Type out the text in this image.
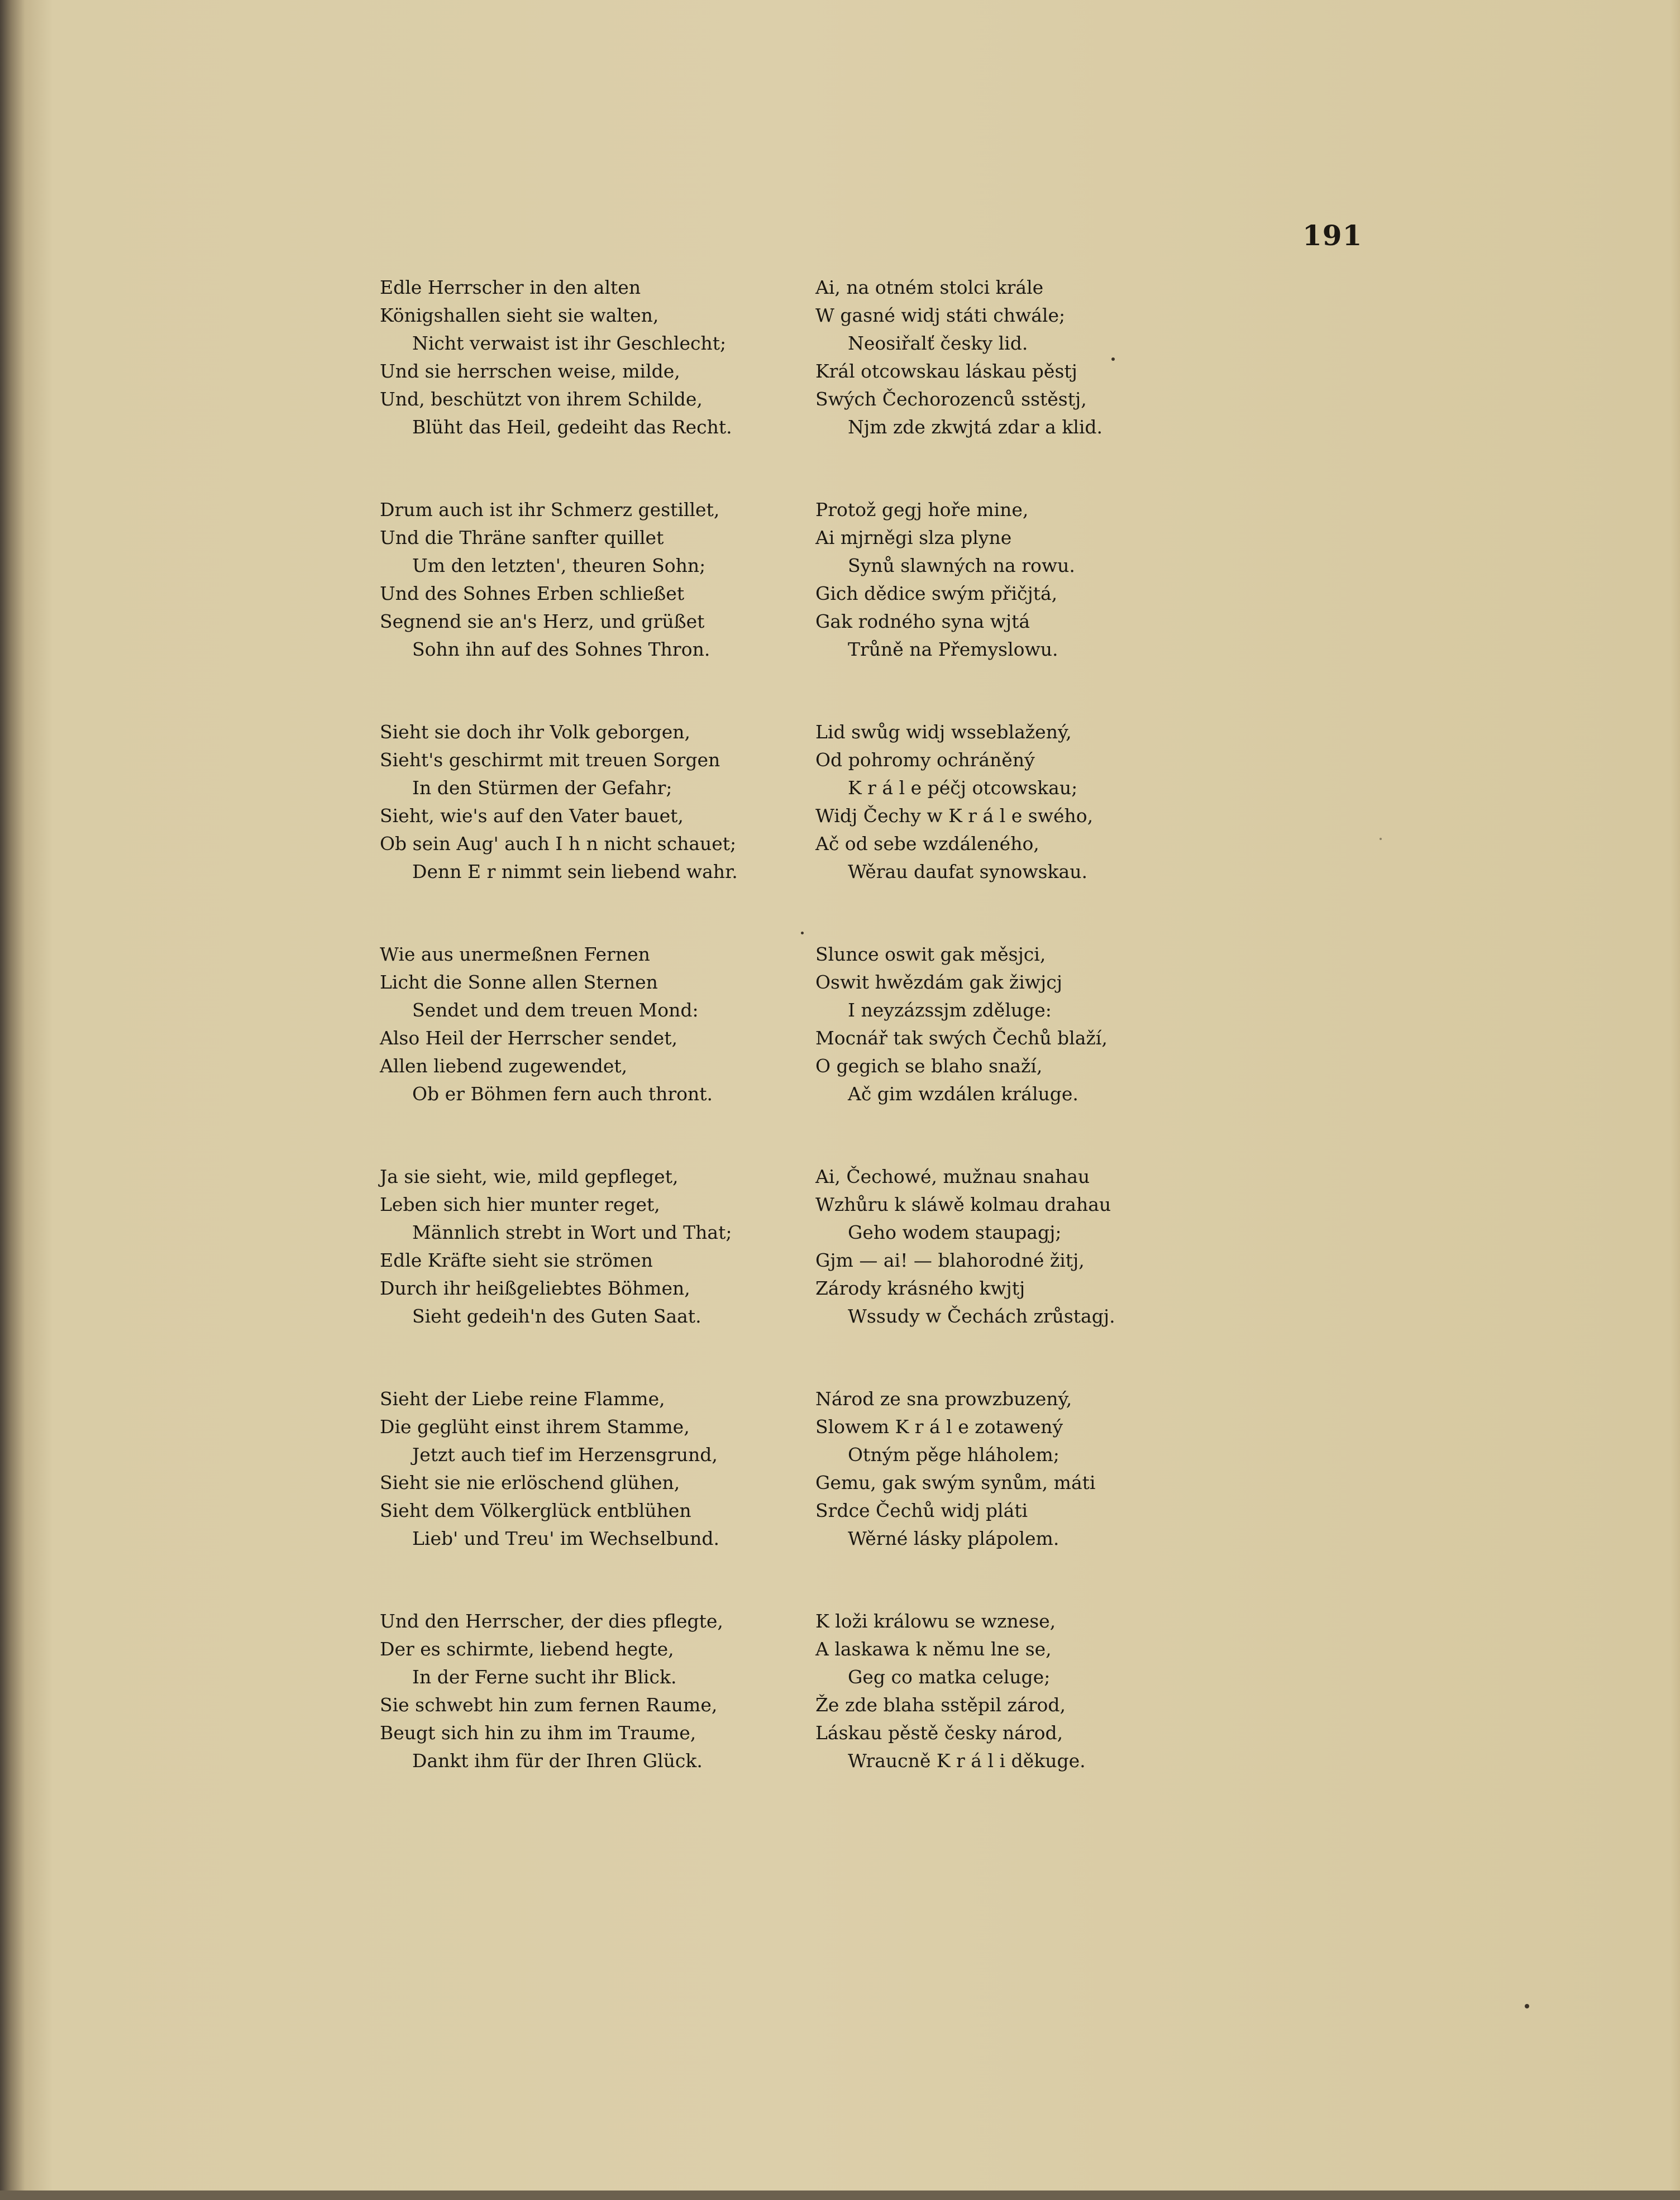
191
Edle Herrscher in den alten
Königshallen sieht sie walten,
Nicht verwaist ist ihr Geschlecht;
Und sie herrschen weise, milde,
Und, beschützt von ihrem Schilde,
Blüht das Heil, gedeiht das Recht.
Drum auch ist ihr Schmerz gestillet,
Und die Thräne sanfter quillet
Um den letzten', theuren Sohn;
Und des Sohnes Erben schließet
Segnend sie an's Herz, und grüßet
Sohn ihn auf des Sohnes Thron.
Sieht sie doch ihr Volk geborgen,
Sieht's geschirmt mit treuen Sorgen
In den Stürmen der Gefahr;
Sieht, wie's auf den Vater bauet,
Ob sein Aug' auch I h n nicht schauet;
Denn E r nimmt sein liebend wahr.
Wie aus unermeßnen Fernen
Licht die Sonne allen Sternen
Sendet und dem treuen Mond:
Also Heil der Herrscher sendet,
Allen liebend zugewendet,
Ob er Böhmen fern auch thront.
Ja sie sieht, wie, mild gepfleget,
Leben sich hier munter reget,
Männlich strebt in Wort und That;
Edle Kräfte sieht sie strömen
Durch ihr heißgeliebtes Böhmen,
Sieht gedeih'n des Guten Saat.
Sieht der Liebe reine Flamme,
Die geglüht einst ihrem Stamme,
Jetzt auch tief im Herzensgrund,
Sieht sie nie erlöschend glühen,
Sieht dem Völkerglück entblühen
Lieb' und Treu' im Wechselbund.
Und den Herrscher, der dies pflegte,
Der es schirmte, liebend hegte,
In der Ferne sucht ihr Blick.
Sie schwebt hin zum fernen Raume,
Beugt sich hin zu ihm im Traume,
Dankt ihm für der Ihren Glück.
Ai, na otném stolci krále
W gasné widj státi chwále;
Neosiřalť česky lid.
Král otcowskau láskau pěstj
Swých Čechorozenců sstěstj,
Njm zde zkwjtá zdar a klid.
Protož gegj hoře mine,
Ai mjrněgi slza plyne
Synů slawných na rowu.
Gich dědice swým přičjtá,
Gak rodného syna wjtá
Trůně na Přemyslowu.
Lid swůg widj wsseblažený,
Od pohromy ochráněný
K r á l e péčj otcowskau;
Widj Čechy w K r á l e swého,
Ač od sebe wzdáleného,
Wěrau daufat synowskau.
Slunce oswit gak měsjci,
Oswit hwězdám gak žiwjcj
I neyzázssjm zděluge:
Mocnář tak swých Čechů blaží,
O gegich se blaho snaží,
Ač gim wzdálen králuge.
Ai, Čechowé, mužnau snahau
Wzhůru k sláwě kolmau drahau
Geho wodem staupagj;
Gjm — ai! — blahorodné žitj,
Zárody krásného kwjtj
Wssudy w Čechách zrůstagj.
Národ ze sna prowzbuzený,
Slowem K r á l e zotawený
Otným pěge hláholem;
Gemu, gak swým synům, máti
Srdce Čechů widj pláti
Wěrné lásky plápolem.
K loži králowu se wznese,
A laskawa k němu lne se,
Geg co matka celuge;
Že zde blaha sstěpil zárod,
Láskau pěstě česky národ,
Wraucně K r á l i děkuge.
